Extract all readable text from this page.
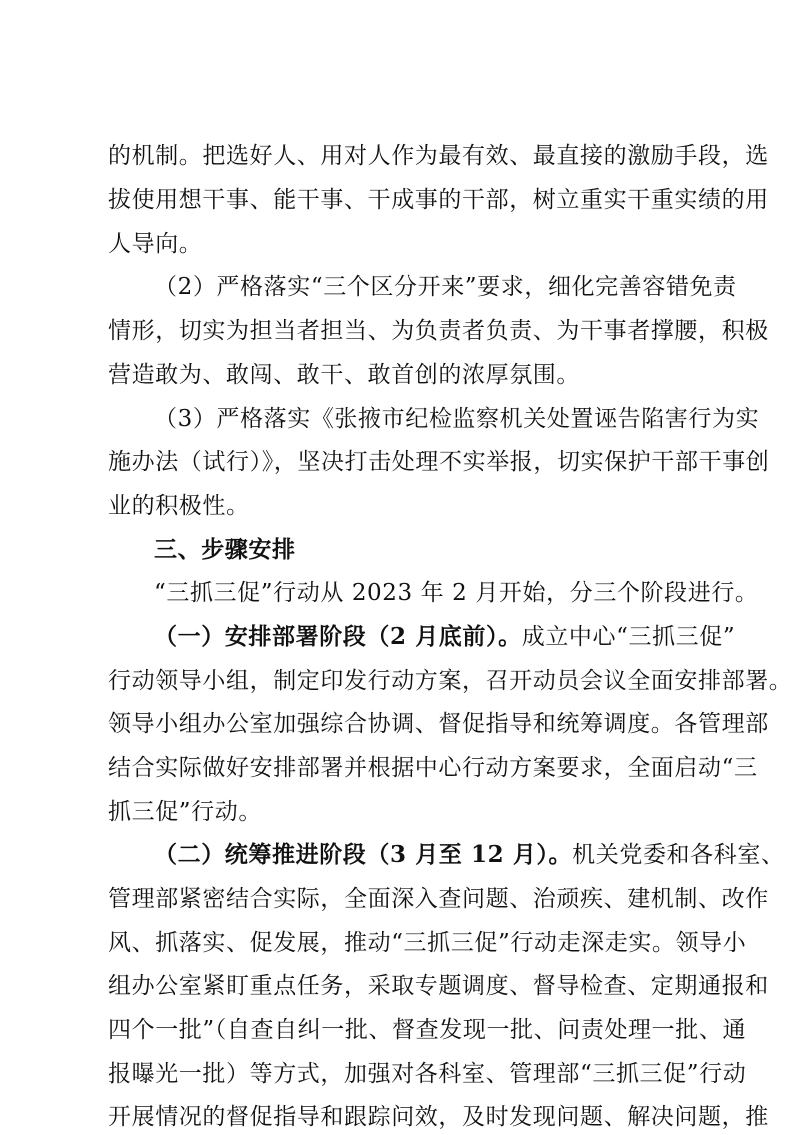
的机制。把选好人、用对人作为最有效、最直接的激励手段，选
拔使用想干事、能干事、干成事的干部，树立重实干重实绩的用
人导向。
（2）严格落实“三个区分开来”要求，细化完善容错免责
情形，切实为担当者担当、为负责者负责、为干事者撑腰，积极
营造敢为、敢闯、敢干、敢首创的浓厚氛围。
（3）严格落实《张掖市纪检监察机关处置诬告陷害行为实
施办法（试行）》，坚决打击处理不实举报，切实保护干部干事创
业的积极性。
三、步骤安排
“三抓三促”行动从 2023 年 2 月开始，分三个阶段进行。
（一）安排部署阶段（2 月底前）。成立中心“三抓三促”
行动领导小组，制定印发行动方案，召开动员会议全面安排部署。
领导小组办公室加强综合协调、督促指导和统筹调度。各管理部
结合实际做好安排部署并根据中心行动方案要求，全面启动“三
抓三促”行动。
（二）统筹推进阶段（3 月至 12 月）。机关党委和各科室、
管理部紧密结合实际，全面深入查问题、治顽疾、建机制、改作
风、抓落实、促发展，推动“三抓三促”行动走深走实。领导小
组办公室紧盯重点任务，采取专题调度、督导检查、定期通报和
四个一批”（自查自纠一批、督查发现一批、问责处理一批、通
报曝光一批）等方式，加强对各科室、管理部“三抓三促”行动
开展情况的督促指导和跟踪问效，及时发现问题、解决问题，推
